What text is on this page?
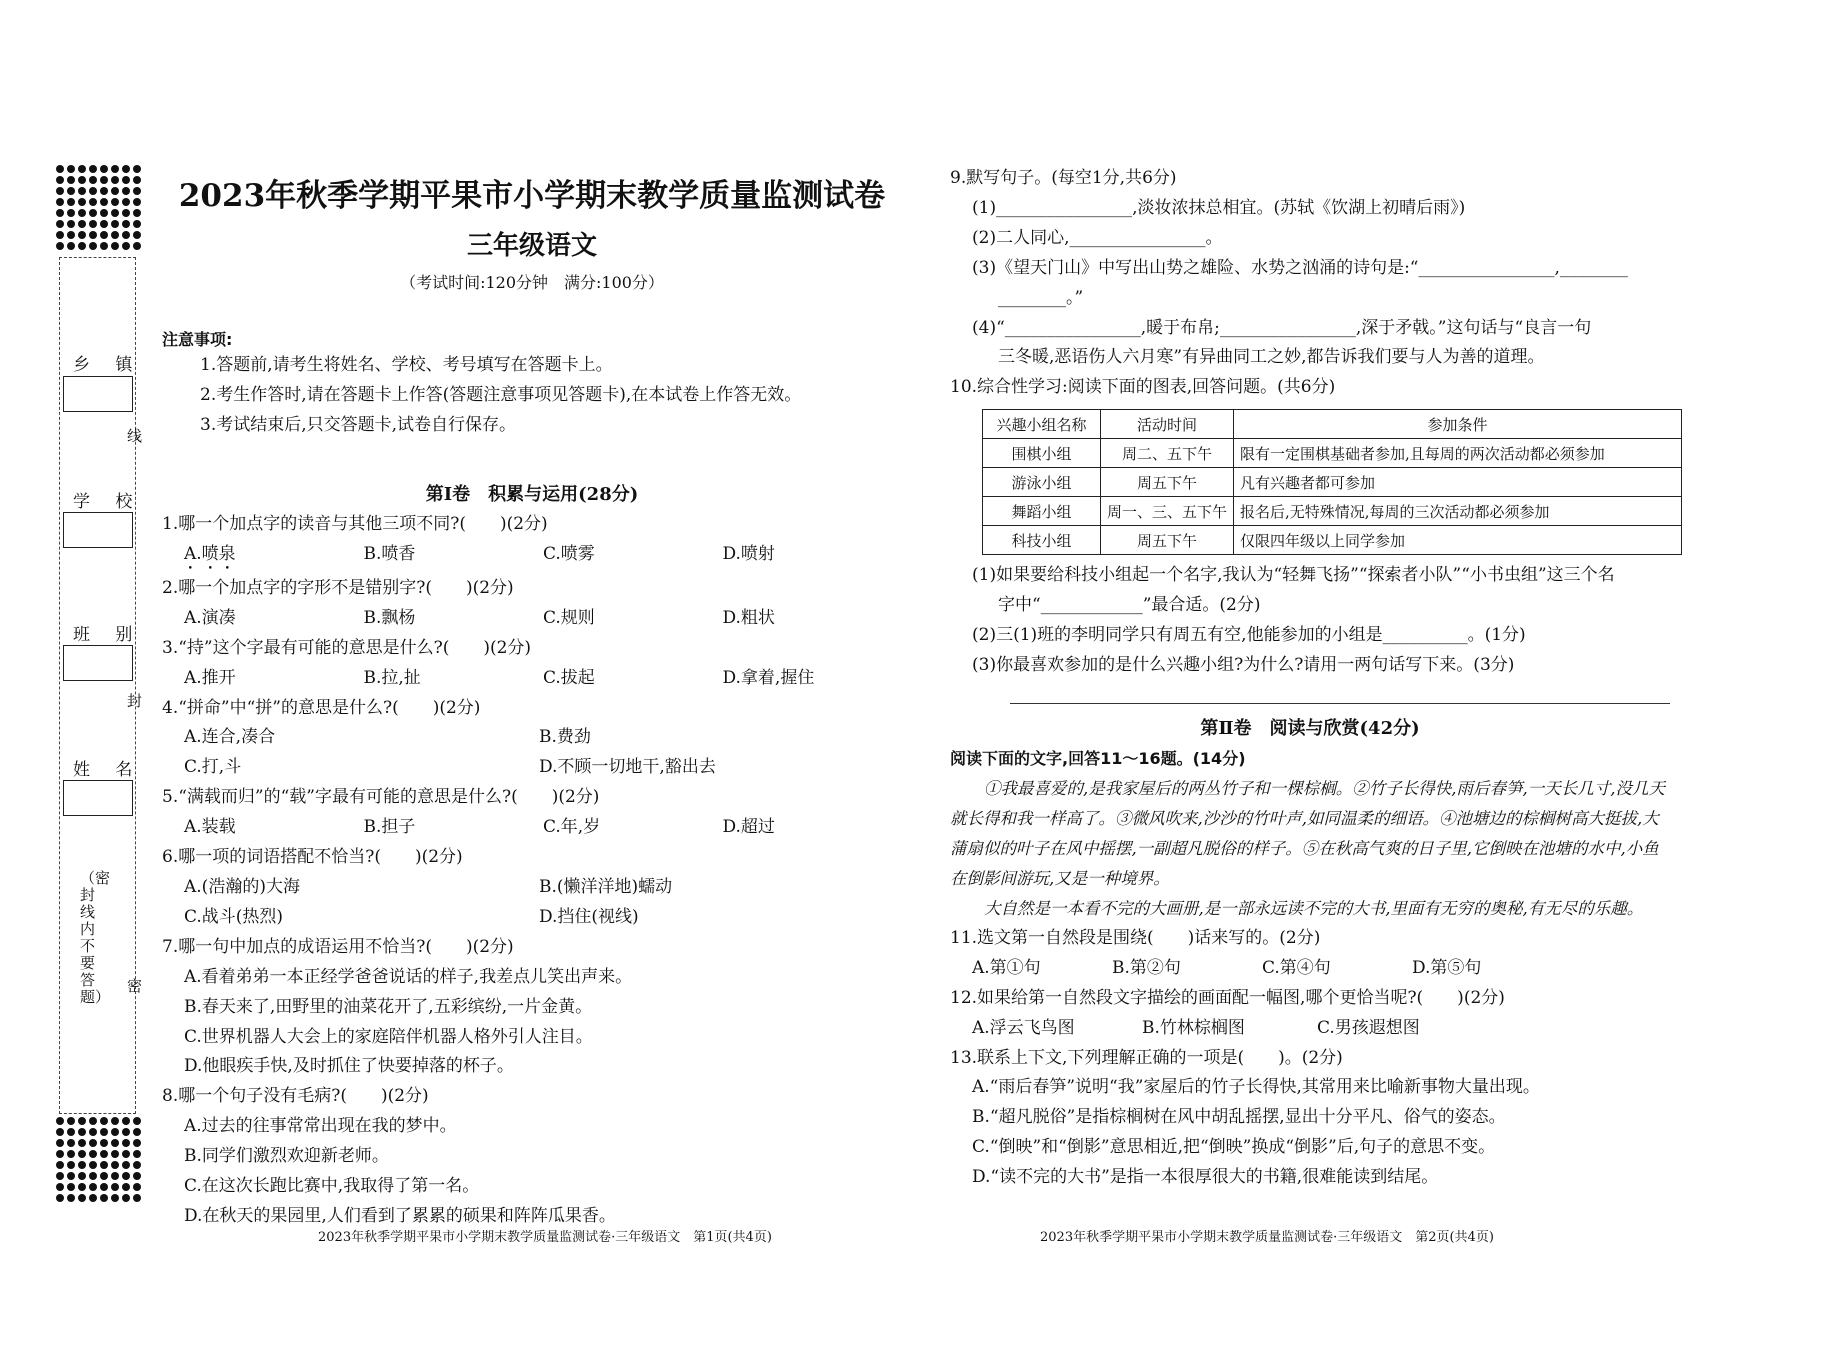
乡 镇
学 校
班 别
姓 名
线
封
密
（密封线内不要答题）
2023年秋季学期平果市小学期末教学质量监测试卷
三年级语文
（考试时间:120分钟　满分:100分）
注意事项:
1.答题前,请考生将姓名、学校、考号填写在答题卡上。
2.考生作答时,请在答题卡上作答(答题注意事项见答题卡),在本试卷上作答无效。
3.考试结束后,只交答题卡,试卷自行保存。
第Ⅰ卷　积累与运用(28分)
1.哪一个加点字的读音与其他三项不同?(　　)(2分)
A.喷泉	B.喷香	C.喷雾	D.喷射
2.哪一个加点字的字形不是错别字?(　　)(2分)
A.演凑	B.飘杨	C.规则	D.粗状
3.“持”这个字最有可能的意思是什么?(　　)(2分)
A.推开	B.拉,扯	C.拔起	D.拿着,握住
4.“拼命”中“拼”的意思是什么?(　　)(2分)
A.连合,凑合	B.费劲
C.打,斗	D.不顾一切地干,豁出去
5.“满载而归”的“载”字最有可能的意思是什么?(　　)(2分)
A.装载	B.担子	C.年,岁	D.超过
6.哪一项的词语搭配不恰当?(　　)(2分)
A.(浩瀚的)大海	B.(懒洋洋地)蠕动
C.战斗(热烈)	D.挡住(视线)
7.哪一句中加点的成语运用不恰当?(　　)(2分)
A.看着弟弟一本正经学爸爸说话的样子,我差点儿笑出声来。
B.春天来了,田野里的油菜花开了,五彩缤纷,一片金黄。
C.世界机器人大会上的家庭陪伴机器人格外引人注目。
D.他眼疾手快,及时抓住了快要掉落的杯子。
8.哪一个句子没有毛病?(　　)(2分)
A.过去的往事常常出现在我的梦中。
B.同学们激烈欢迎新老师。
C.在这次长跑比赛中,我取得了第一名。
D.在秋天的果园里,人们看到了累累的硕果和阵阵瓜果香。
2023年秋季学期平果市小学期末教学质量监测试卷·三年级语文　第1页(共4页)
9.默写句子。(每空1分,共6分)
(1)________________,淡妆浓抹总相宜。(苏轼《饮湖上初晴后雨》)
(2)二人同心,________________。
(3)《望天门山》中写出山势之雄险、水势之汹涌的诗句是:“________________,________
________。”
(4)“________________,暖于布帛;________________,深于矛戟。”这句话与“良言一句
三冬暖,恶语伤人六月寒”有异曲同工之妙,都告诉我们要与人为善的道理。
10.综合性学习:阅读下面的图表,回答问题。(共6分)
兴趣小组名称	活动时间	参加条件
围棋小组	周二、五下午	限有一定围棋基础者参加,且每周的两次活动都必须参加
游泳小组	周五下午	凡有兴趣者都可参加
舞蹈小组	周一、三、五下午	报名后,无特殊情况,每周的三次活动都必须参加
科技小组	周五下午	仅限四年级以上同学参加
(1)如果要给科技小组起一个名字,我认为“轻舞飞扬”“探索者小队”“小书虫组”这三个名
字中“____________”最合适。(2分)
(2)三(1)班的李明同学只有周五有空,他能参加的小组是__________。(1分)
(3)你最喜欢参加的是什么兴趣小组?为什么?请用一两句话写下来。(3分)
第Ⅱ卷　阅读与欣赏(42分)
阅读下面的文字,回答11～16题。(14分)
①我最喜爱的,是我家屋后的两丛竹子和一棵棕榈。②竹子长得快,雨后春笋,一天长几寸,没几天就长得和我一样高了。③微风吹来,沙沙的竹叶声,如同温柔的细语。④池塘边的棕榈树高大挺拔,大蒲扇似的叶子在风中摇摆,一副超凡脱俗的样子。⑤在秋高气爽的日子里,它倒映在池塘的水中,小鱼在倒影间游玩,又是一种境界。
大自然是一本看不完的大画册,是一部永远读不完的大书,里面有无穷的奥秘,有无尽的乐趣。
11.选文第一自然段是围绕(　　)话来写的。(2分)
A.第①句	B.第②句	C.第④句	D.第⑤句
12.如果给第一自然段文字描绘的画面配一幅图,哪个更恰当呢?(　　)(2分)
A.浮云飞鸟图	B.竹林棕榈图	C.男孩遐想图
13.联系上下文,下列理解正确的一项是(　　)。(2分)
A.“雨后春笋”说明“我”家屋后的竹子长得快,其常用来比喻新事物大量出现。
B.“超凡脱俗”是指棕榈树在风中胡乱摇摆,显出十分平凡、俗气的姿态。
C.“倒映”和“倒影”意思相近,把“倒映”换成“倒影”后,句子的意思不变。
D.“读不完的大书”是指一本很厚很大的书籍,很难能读到结尾。
2023年秋季学期平果市小学期末教学质量监测试卷·三年级语文　第2页(共4页)
